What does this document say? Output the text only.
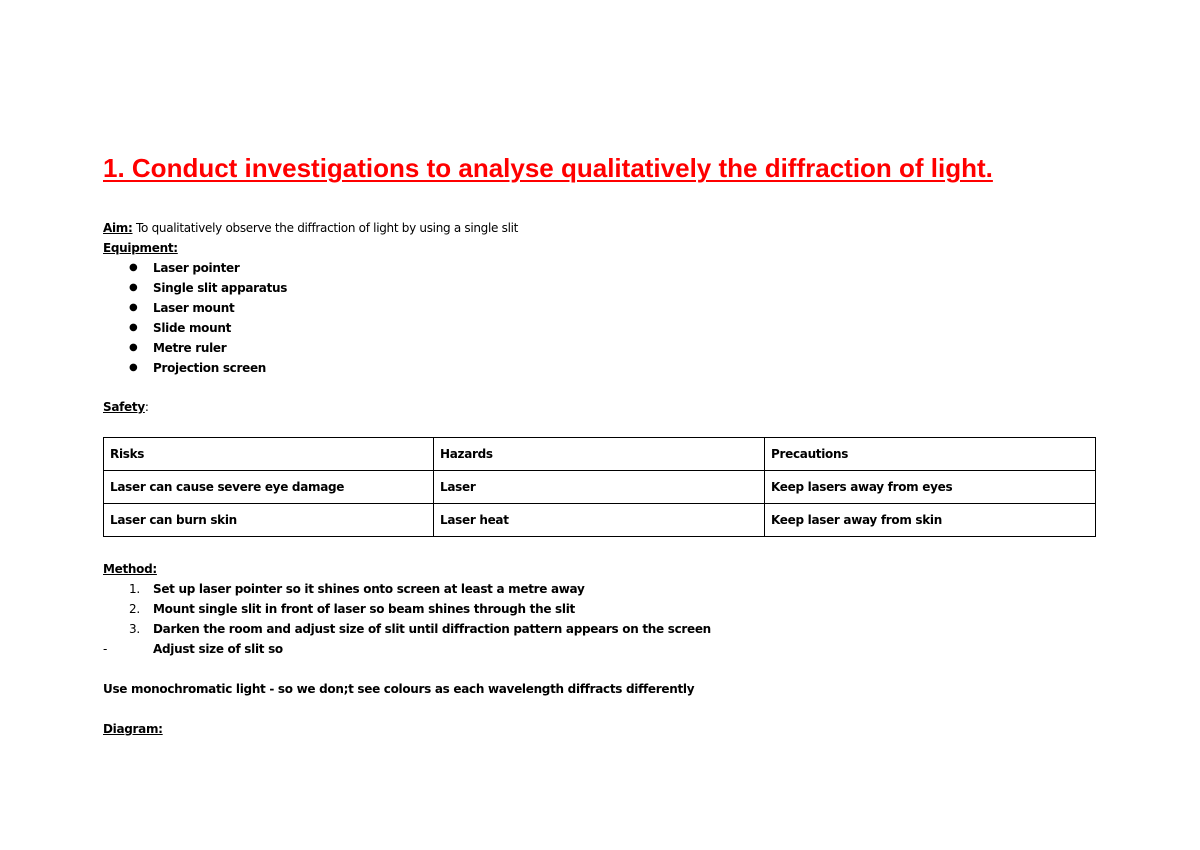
1. Conduct investigations to analyse qualitatively the diffraction of light.
Aim: To qualitatively observe the diffraction of light by using a single slit
Equipment:
● Laser pointer
● Single slit apparatus
● Laser mount
● Slide mount
● Metre ruler
● Projection screen
Safety:
Risks	Hazards	Precautions
Laser can cause severe eye damage	Laser	Keep lasers away from eyes
Laser can burn skin	Laser heat	Keep laser away from skin
Method:
1. Set up laser pointer so it shines onto screen at least a metre away
2. Mount single slit in front of laser so beam shines through the slit
3. Darken the room and adjust size of slit until diffraction pattern appears on the screen
-	Adjust size of slit so
Use monochromatic light - so we don;t see colours as each wavelength diffracts differently
Diagram:
